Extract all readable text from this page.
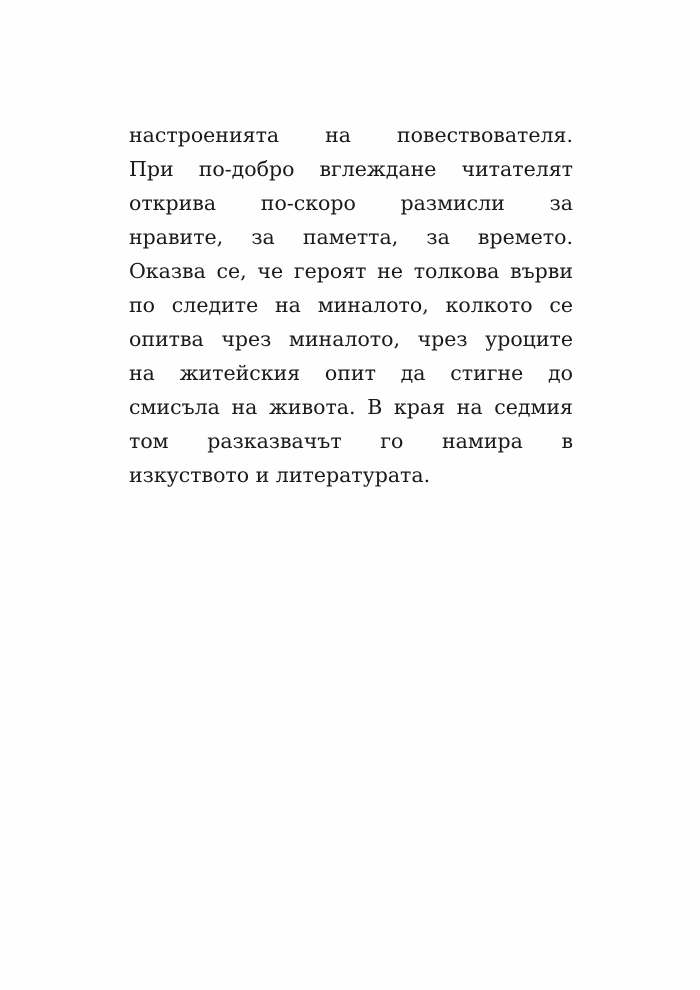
настроенията на повествователя.
При по-добро вглеждане читателят
открива по-скоро размисли за
нравите, за паметта, за времето.
Оказва се, че героят не толкова върви
по следите на миналото, колкото се
опитва чрез миналото, чрез уроците
на житейския опит да стигне до
смисъла на живота. В края на седмия
том разказвачът го намира в
изкуството и литературата.
